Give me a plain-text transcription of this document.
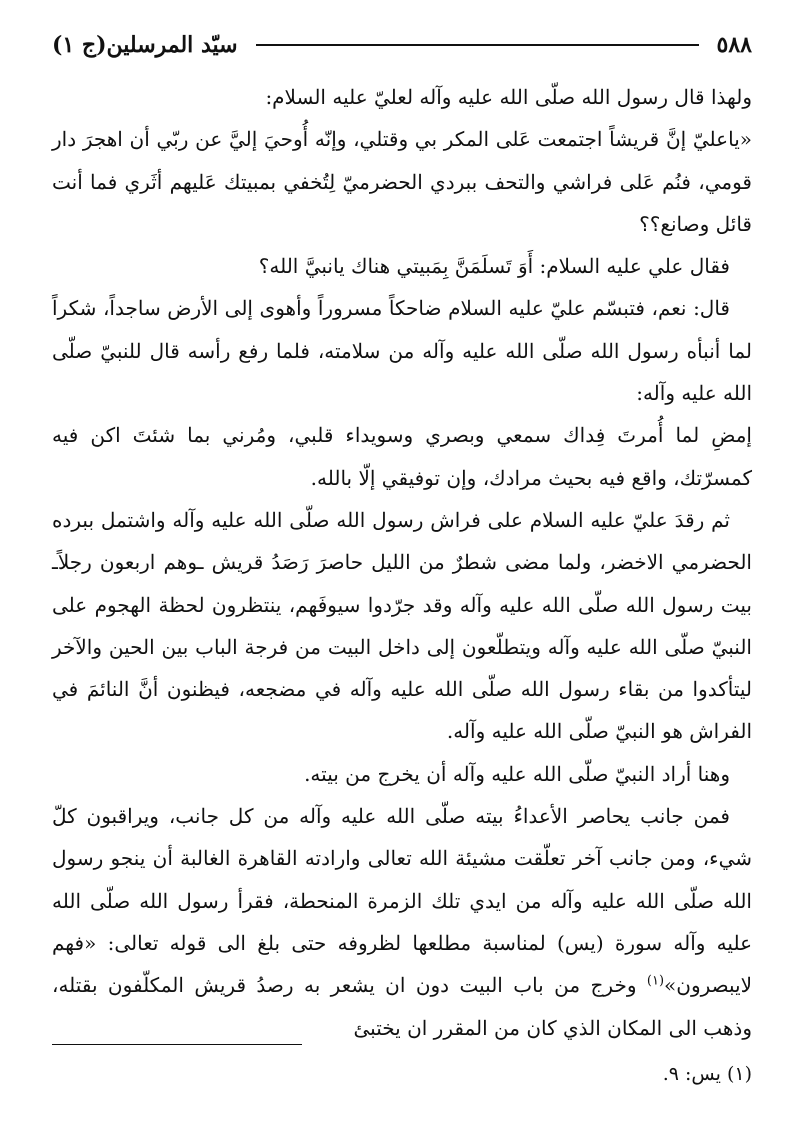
سيّد المرسلين(ج ١)	٥٨٨

ولهذا قال رسول الله صلّى الله عليه وآله لعليّ عليه السلام:

«ياعليّ إنَّ قريشاً اجتمعت عَلى المكر بي وقتلي، وإنّه أُوحيَ إليَّ عن ربّي أن اهجرَ دار قومي، فنُم عَلى فراشي والتحف ببردي الحضرميّ لِتُخفي بمبيتك عَليهم أثَري فما أنت قائل وصانع؟؟

فقال علي عليه السلام: أَوَ تَسلَمَنَّ بِمَبيتي هناك يانبيَّ الله؟

قال: نعم، فتبسّم عليّ عليه السلام ضاحكاً مسروراً وأهوى إلى الأرض ساجداً، شكراً لما أنبأه رسول الله صلّى الله عليه وآله من سلامته، فلما رفع رأسه قال للنبيّ صلّى الله عليه وآله:

إمضِ لما أُمرتَ فِداك سمعي وبصري وسويداء قلبي، ومُرني بما شئتَ اكن فيه كمسرّتك، واقع فيه بحيث مرادك، وإن توفيقي إلّا بالله.

ثم رقدَ عليّ عليه السلام على فراش رسول الله صلّى الله عليه وآله واشتمل ببرده الحضرمي الاخضر، ولما مضى شطرٌ من الليل حاصرَ رَصَدُ قريش ـوهم اربعون رجلاًـ بيت رسول الله صلّى الله عليه وآله وقد جرّدوا سيوفَهم، ينتظرون لحظة الهجوم على النبيّ صلّى الله عليه وآله ويتطلّعون إلى داخل البيت من فرجة الباب بين الحين والآخر ليتأكدوا من بقاء رسول الله صلّى الله عليه وآله في مضجعه، فيظنون أنَّ النائمَ في الفراش هو النبيّ صلّى الله عليه وآله.

وهنا أراد النبيّ صلّى الله عليه وآله أن يخرج من بيته.

فمن جانب يحاصر الأعداءُ بيته صلّى الله عليه وآله من كل جانب، ويراقبون كلّ شيء، ومن جانب آخر تعلّقت مشيئة الله تعالى وارادته القاهرة الغالبة أن ينجو رسول الله صلّى الله عليه وآله من ايدي تلك الزمرة المنحطة، فقرأ رسول الله صلّى الله عليه وآله سورة (يس) لمناسبة مطلعها لظروفه حتى بلغ الى قوله تعالى: «فهم لايبصرون»$^{(١)}$ وخرج من باب البيت دون ان يشعر به رصدُ قريش المكلّفون بقتله، وذهب الى المكان الذي كان من المقرر ان يختبئ

(١) يس: ٩.
